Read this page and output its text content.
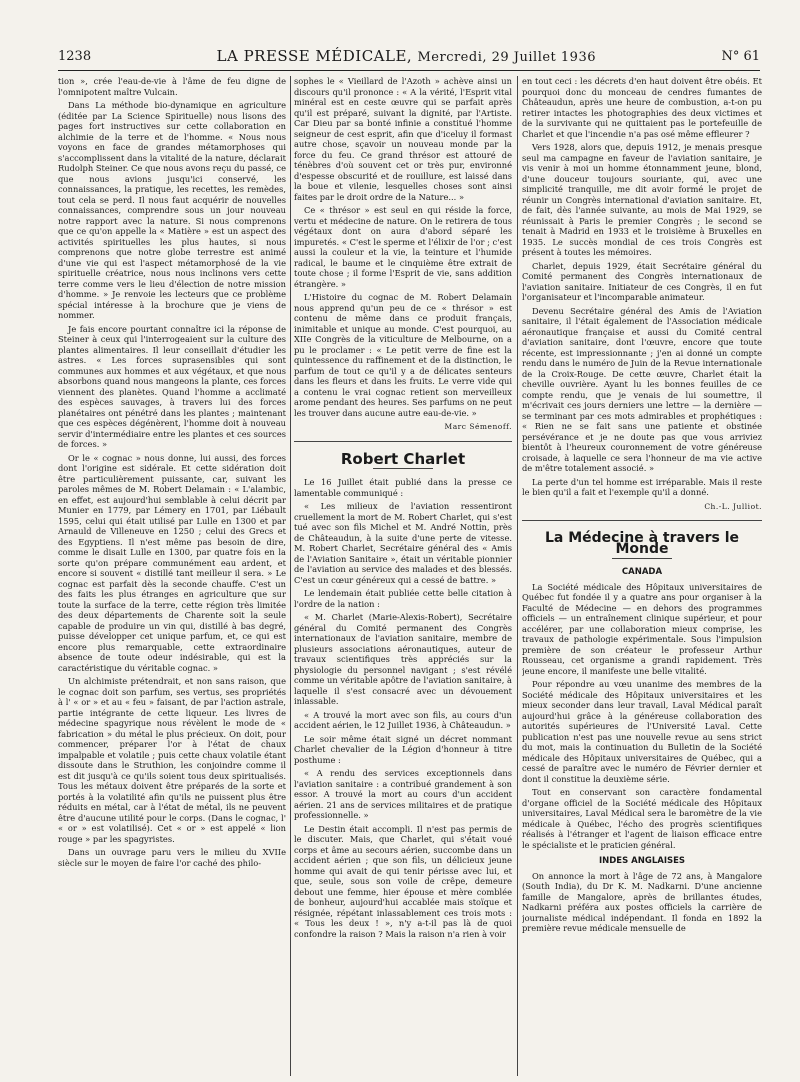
1238	LA PRESSE MÉDICALE, Mercredi, 29 Juillet 1936	N° 61

tion », crée l'eau-de-vie à l'âme de feu digne de l'omnipotent maître Vulcain.

Dans La méthode bio-dynamique en agriculture (éditée par La Science Spirituelle) nous lisons des pages fort instructives sur cette collaboration en alchimie de la terre et de l'homme. « Nous nous voyons en face de grandes métamorphoses qui s'accomplissent dans la vitalité de la nature, déclarait Rudolph Steiner. Ce que nous avons reçu du passé, ce que nous avions jusqu'ici conservé, les connaissances, la pratique, les recettes, les remèdes, tout cela se perd. Il nous faut acquérir de nouvelles connaissances, comprendre sous un jour nouveau notre rapport avec la nature. Si nous comprenons que ce qu'on appelle la « Matière » est un aspect des activités spirituelles les plus hautes, si nous comprenons que notre globe terrestre est animé d'une vie qui est l'aspect métamorphosé de la vie spirituelle créatrice, nous nous inclinons vers cette terre comme vers le lieu d'élection de notre mission d'homme. » Je renvoie les lecteurs que ce problème spécial intéresse à la brochure que je viens de nommer.

Je fais encore pourtant connaître ici la réponse de Steiner à ceux qui l'interrogeaient sur la culture des plantes alimentaires. Il leur conseillait d'étudier les astres. « Les forces suprasensibles qui sont communes aux hommes et aux végétaux, et que nous absorbons quand nous mangeons la plante, ces forces viennent des planètes. Quand l'homme a acclimaté des espèces sauvages, à travers lui des forces planétaires ont pénétré dans les plantes ; maintenant que ces espèces dégénèrent, l'homme doit à nouveau servir d'intermédiaire entre les plantes et ces sources de forces. »

Or le « cognac » nous donne, lui aussi, des forces dont l'origine est sidérale. Et cette sidération doit être particulièrement puissante, car, suivant les paroles mêmes de M. Robert Delamain : « L'alambic, en effet, est aujourd'hui semblable à celui décrit par Munier en 1779, par Lémery en 1701, par Liébault 1595, celui qui était utilisé par Lulle en 1300 et par Arnauld de Villeneuve en 1250 ; celui des Grecs et des Egyptiens. Il n'est même pas besoin de dire, comme le disait Lulle en 1300, par quatre fois en la sorte qu'on prépare communément eau ardent, et encore si souvent « distillé tant meilleur il sera. » Le cognac est parfait dès la seconde chauffe. C'est un des faits les plus étranges en agriculture que sur toute la surface de la terre, cette région très limitée des deux départements de Charente soit la seule capable de produire un vin qui, distillé à bas degré, puisse développer cet unique parfum, et, ce qui est encore plus remarquable, cette extraordinaire absence de toute odeur indésirable, qui est la caractéristique du véritable cognac. »

Un alchimiste prétendrait, et non sans raison, que le cognac doit son parfum, ses vertus, ses propriétés à l' « or » et au « feu » faisant, de par l'action astrale, partie intégrante de cette liqueur. Les livres de médecine spagyrique nous révèlent le mode de « fabrication » du métal le plus précieux. On doit, pour commencer, préparer l'or à l'état de chaux impalpable et volatile ; puis cette chaux volatile étant dissoute dans le Struthion, les conjoindre comme il est dit jusqu'à ce qu'ils soient tous deux spiritualisés. Tous les métaux doivent être préparés de la sorte et portés à la volatilité afin qu'ils ne puissent plus être réduits en métal, car à l'état de métal, ils ne peuvent être d'aucune utilité pour le corps. (Dans le cognac, l' « or » est volatilisé). Cet « or » est appelé « lion rouge » par les spagyristes.

Dans un ouvrage paru vers le milieu du XVIIe siècle sur le moyen de faire l'or caché des philo-

sophes le « Vieillard de l'Azoth » achève ainsi un discours qu'il prononce : « A la vérité, l'Esprit vital minéral est en ceste œuvre qui se parfait après qu'il est préparé, suivant la dignité, par l'Artiste. Car Dieu par sa bonté infinie a constitué l'homme seigneur de cest esprit, afin que d'iceluy il formast autre chose, sçavoir un nouveau monde par la force du feu. Ce grand thrésor est attouré de ténèbres d'où souvent cet or très pur, environné d'espesse obscurité et de rouillure, est laissé dans la boue et vilenie, lesquelles choses sont ainsi faites par le droit ordre de la Nature... »

Ce « thrésor » est seul en qui réside la force, vertu et médecine de nature. On le retirera de tous végétaux dont on aura d'abord séparé les impuretés. « C'est le sperme et l'élixir de l'or ; c'est aussi la couleur et la vie, la teinture et l'humide radical, le baume et le cinquième être extrait de toute chose ; il forme l'Esprit de vie, sans addition étrangère. »

L'Histoire du cognac de M. Robert Delamain nous apprend qu'un peu de ce « thrésor » est contenu de même dans ce produit français, inimitable et unique au monde. C'est pourquoi, au XIIe Congrès de la viticulture de Melbourne, on a pu le proclamer : « Le petit verre de fine est la quintessence du raffinement et de la distinction, le parfum de tout ce qu'il y a de délicates senteurs dans les fleurs et dans les fruits. Le verre vide qui a contenu le vrai cognac retient son merveilleux arome pendant des heures. Ses parfums on ne peut les trouver dans aucune autre eau-de-vie. »

Marc Sémenoff.
Robert Charlet

Le 16 Juillet était publié dans la presse ce lamentable communiqué :

« Les milieux de l'aviation ressentiront cruellement la mort de M. Robert Charlet, qui s'est tué avec son fils Michel et M. André Nottin, près de Châteaudun, à la suite d'une perte de vitesse. M. Robert Charlet, Secrétaire général des « Amis de l'Aviation Sanitaire », était un véritable pionnier de l'aviation au service des malades et des blessés. C'est un cœur généreux qui a cessé de battre. »

Le lendemain était publiée cette belle citation à l'ordre de la nation :

« M. Charlet (Marie-Alexis-Robert), Secrétaire général du Comité permanent des Congrès internationaux de l'aviation sanitaire, membre de plusieurs associations aéronautiques, auteur de travaux scientifiques très appréciés sur la physiologie du personnel navigant ; s'est révélé comme un véritable apôtre de l'aviation sanitaire, à laquelle il s'est consacré avec un dévouement inlassable.

« A trouvé la mort avec son fils, au cours d'un accident aérien, le 12 Juillet 1936, à Châteaudun. »

Le soir même était signé un décret nommant Charlet chevalier de la Légion d'honneur à titre posthume :

« A rendu des services exceptionnels dans l'aviation sanitaire : a contribué grandement à son essor. A trouvé la mort au cours d'un accident aérien. 21 ans de services militaires et de pratique professionnelle. »

Le Destin était accompli. Il n'est pas permis de le discuter. Mais, que Charlet, qui s'était voué corps et âme au secours aérien, succombe dans un accident aérien ; que son fils, un délicieux jeune homme qui avait de qui tenir périsse avec lui, et que, seule, sous son voile de crêpe, demeure debout une femme, hier épouse et mère comblée de bonheur, aujourd'hui accablée mais stoïque et résignée, répétant inlassablement ces trois mots : « Tous les deux ! », n'y a-t-il pas là de quoi confondre la raison ? Mais la raison n'a rien à voir

en tout ceci : les décrets d'en haut doivent être obéis. Et pourquoi donc du monceau de cendres fumantes de Châteaudun, après une heure de combustion, a-t-on pu retirer intactes les photographies des deux victimes et de la survivante qui ne quittaient pas le portefeuille de Charlet et que l'incendie n'a pas osé même effleurer ?

Vers 1928, alors que, depuis 1912, je menais presque seul ma campagne en faveur de l'aviation sanitaire, je vis venir à moi un homme étonnamment jeune, blond, d'une douceur toujours souriante, qui, avec une simplicité tranquille, me dit avoir formé le projet de réunir un Congrès international d'aviation sanitaire. Et, de fait, dès l'année suivante, au mois de Mai 1929, se réunissait à Paris le premier Congrès ; le second se tenait à Madrid en 1933 et le troisième à Bruxelles en 1935. Le succès mondial de ces trois Congrès est présent à toutes les mémoires.

Charlet, depuis 1929, était Secrétaire général du Comité permanent des Congrès internationaux de l'aviation sanitaire. Initiateur de ces Congrès, il en fut l'organisateur et l'incomparable animateur.

Devenu Secrétaire général des Amis de l'Aviation sanitaire, il l'était également de l'Association médicale aéronautique française et aussi du Comité central d'aviation sanitaire, dont l'œuvre, encore que toute récente, est impressionnante ; j'en ai donné un compte rendu dans le numéro de Juin de la Revue internationale de la Croix-Rouge. De cette œuvre, Charlet était la cheville ouvrière. Ayant lu les bonnes feuilles de ce compte rendu, que je venais de lui soumettre, il m'écrivait ces jours derniers une lettre — la dernière — se terminant par ces mots admirables et prophétiques : « Rien ne se fait sans une patiente et obstinée persévérance et je ne doute pas que vous arriviez bientôt à l'heureux couronnement de votre généreuse croisade, à laquelle ce sera l'honneur de ma vie active de m'être totalement associé. »

La perte d'un tel homme est irréparable. Mais il reste le bien qu'il a fait et l'exemple qu'il a donné.

Ch.-L. Julliot.
La Médecine à travers le Monde
CANADA

La Société médicale des Hôpitaux universitaires de Québec fut fondée il y a quatre ans pour organiser à la Faculté de Médecine — en dehors des programmes officiels — un entraînement clinique supérieur, et pour accélérer, par une collaboration mieux comprise, les travaux de pathologie expérimentale. Sous l'impulsion première de son créateur le professeur Arthur Rousseau, cet organisme a grandi rapidement. Très jeune encore, il manifeste une belle vitalité.

Pour répondre au vœu unanime des membres de la Société médicale des Hôpitaux universitaires et les mieux seconder dans leur travail, Laval Médical paraît aujourd'hui grâce à la généreuse collaboration des autorités supérieures de l'Université Laval. Cette publication n'est pas une nouvelle revue au sens strict du mot, mais la continuation du Bulletin de la Société médicale des Hôpitaux universitaires de Québec, qui a cessé de paraître avec le numéro de Février dernier et dont il constitue la deuxième série.

Tout en conservant son caractère fondamental d'organe officiel de la Société médicale des Hôpitaux universitaires, Laval Médical sera le baromètre de la vie médicale à Québec, l'écho des progrès scientifiques réalisés à l'étranger et l'agent de liaison efficace entre le spécialiste et le praticien général.

INDES ANGLAISES

On annonce la mort à l'âge de 72 ans, à Mangalore (South India), du Dr K. M. Nadkarni. D'une ancienne famille de Mangalore, après de brillantes études, Nadkarni préféra aux postes officiels la carrière de journaliste médical indépendant. Il fonda en 1892 la première revue médicale mensuelle de
